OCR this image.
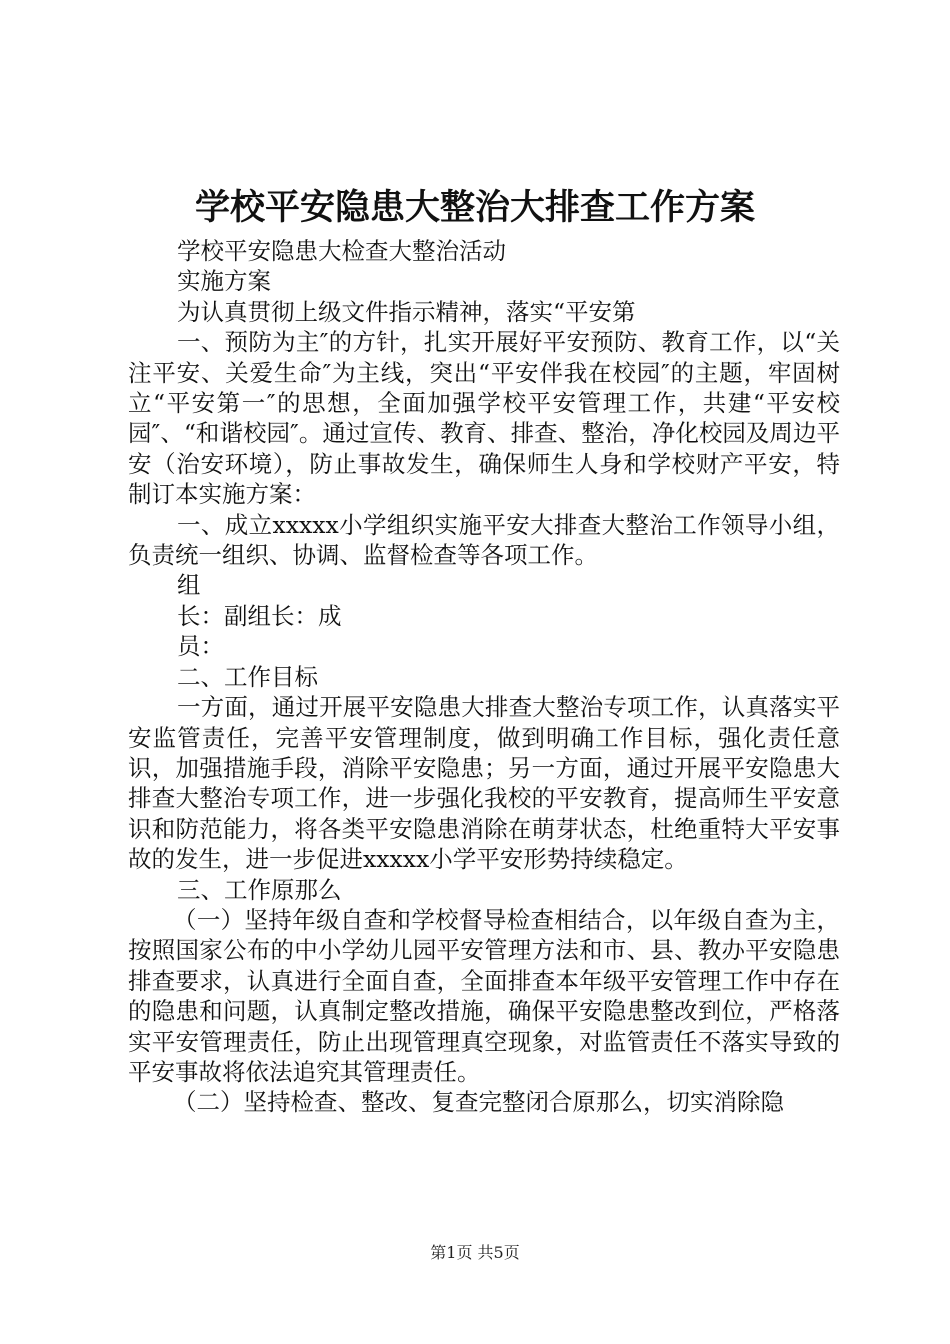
学校平安隐患大整治大排查工作方案

学校平安隐患大检查大整治活动

实施方案

为认真贯彻上级文件指示精神，落实“平安第

一、预防为主″的方针，扎实开展好平安预防、教育工作，以“关注平安、关爱生命″为主线，突出“平安伴我在校园″的主题，牢固树立“平安第一″的思想，全面加强学校平安管理工作，共建“平安校园″、“和谐校园″。通过宣传、教育、排查、整治，净化校园及周边平安（治安环境），防止事故发生，确保师生人身和学校财产平安，特制订本实施方案：

一、成立xxxxx小学组织实施平安大排查大整治工作领导小组，负责统一组织、协调、监督检查等各项工作。

组

长：副组长：成

员：

二、工作目标

一方面，通过开展平安隐患大排查大整治专项工作，认真落实平安监管责任，完善平安管理制度，做到明确工作目标，强化责任意识，加强措施手段，消除平安隐患；另一方面，通过开展平安隐患大排查大整治专项工作，进一步强化我校的平安教育，提高师生平安意识和防范能力，将各类平安隐患消除在萌芽状态，杜绝重特大平安事故的发生，进一步促进xxxxx小学平安形势持续稳定。

三、工作原那么

（一）坚持年级自查和学校督导检查相结合，以年级自查为主，按照国家公布的中小学幼儿园平安管理方法和市、县、教办平安隐患排查要求，认真进行全面自查，全面排查本年级平安管理工作中存在的隐患和问题，认真制定整改措施，确保平安隐患整改到位，严格落实平安管理责任，防止出现管理真空现象，对监管责任不落实导致的平安事故将依法追究其管理责任。

（二）坚持检查、整改、复查完整闭合原那么，切实消除隐

第1页 共5页
